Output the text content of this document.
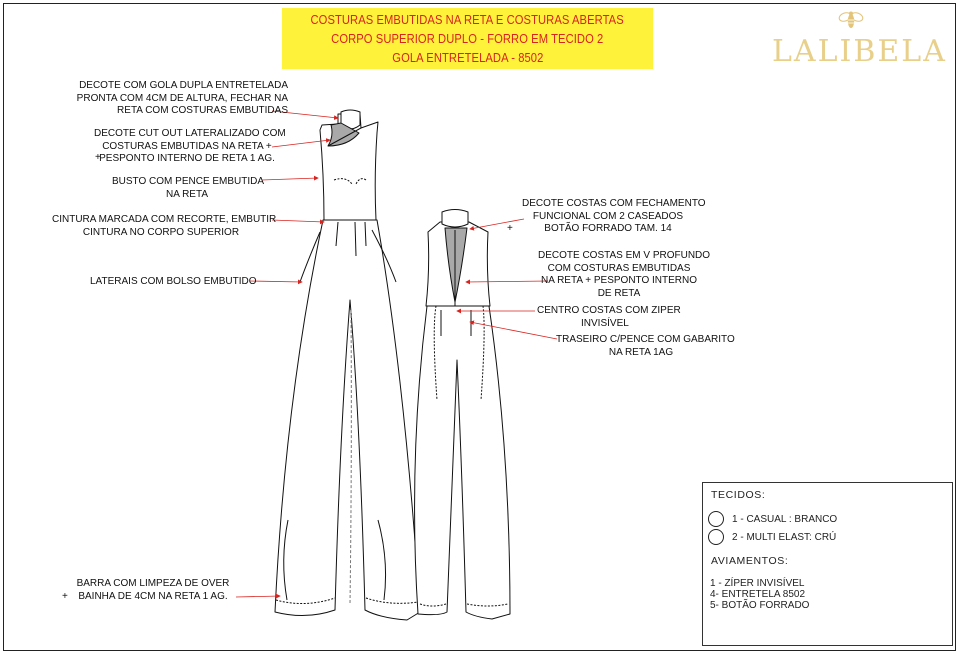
COSTURAS EMBUTIDAS NA RETA E COSTURAS ABERTAS
CORPO SUPERIOR DUPLO - FORRO EM TECIDO 2
GOLA ENTRETELADA - 8502	LALIBELA
DECOTE COM GOLA DUPLA ENTRETELADA
PRONTA COM 4CM DE ALTURA, FECHAR NA
RETA COM COSTURAS EMBUTIDAS
DECOTE CUT OUT LATERALIZADO COM
COSTURAS EMBUTIDAS NA RETA +
PESPONTO INTERNO DE RETA 1 AG.
+
BUSTO COM PENCE EMBUTIDA
NA RETA
CINTURA MARCADA COM RECORTE, EMBUTIR
CINTURA NO CORPO SUPERIOR
LATERAIS COM BOLSO EMBUTIDO
BARRA COM LIMPEZA DE OVER
BAINHA DE 4CM NA RETA 1 AG.
+
DECOTE COSTAS COM FECHAMENTO
FUNCIONAL COM 2 CASEADOS
BOTÃO FORRADO TAM. 14
+
DECOTE COSTAS EM V PROFUNDO
COM COSTURAS EMBUTIDAS
NA RETA + PESPONTO INTERNO
DE RETA
CENTRO COSTAS COM ZIPER
INVISÍVEL
TRASEIRO C/PENCE COM GABARITO
NA RETA 1AG
TECIDOS:
1 - CASUAL : BRANCO
2 - MULTI ELAST: CRÚ
AVIAMENTOS:
1 - ZÍPER INVISÍVEL
4- ENTRETELA 8502
5- BOTÃO FORRADO
